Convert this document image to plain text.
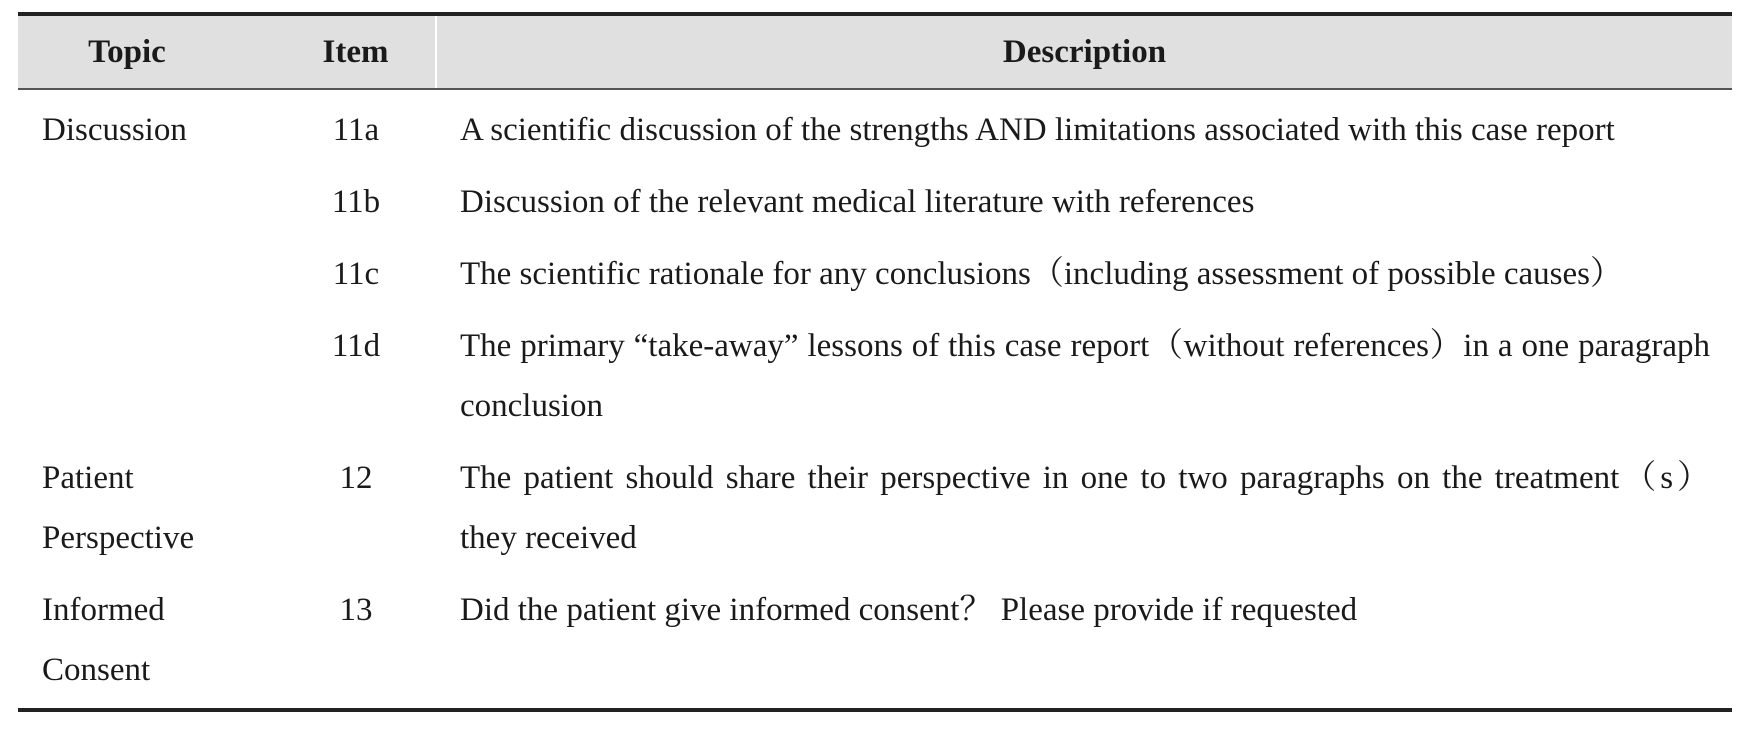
Topic	Item	Description
Discussion	11a	A scientific discussion of the strengths AND limitations associated with this case report
	11b	Discussion of the relevant medical literature with references
	11c	The scientific rationale for any conclusions（including assessment of possible causes）
	11d	The primary “take-away” lessons of this case report（without references）in a one paragraph conclusion
Patient Perspective	12	The patient should share their perspective in one to two paragraphs on the treatment（s） they received
Informed Consent	13	Did the patient give informed consent？ Please provide if requested
